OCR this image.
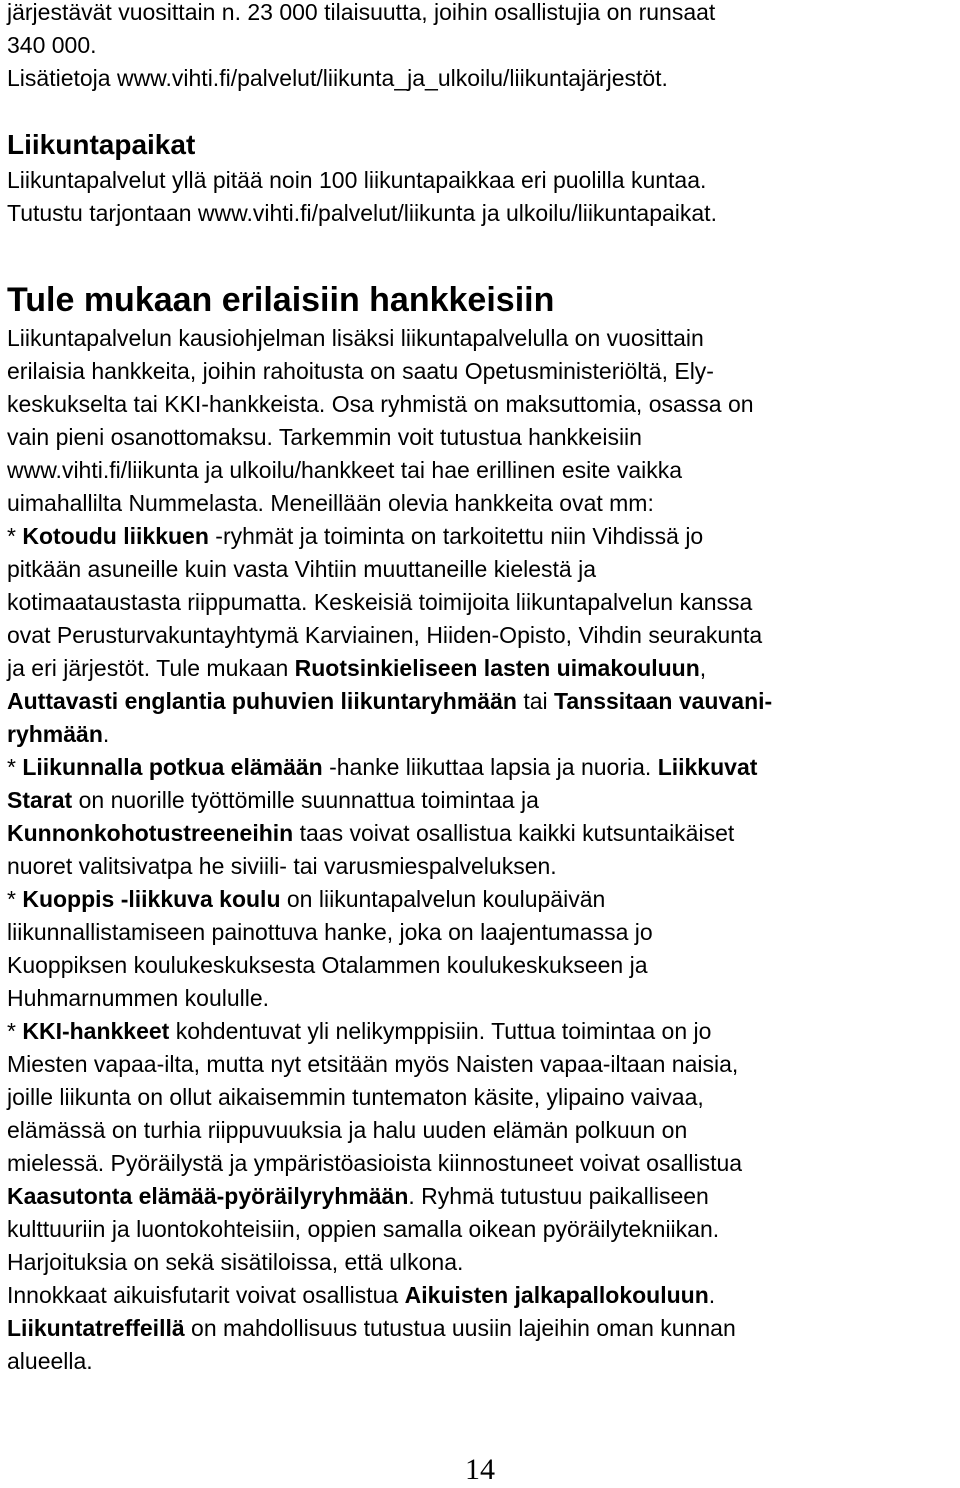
järjestävät vuosittain n. 23 000 tilaisuutta, joihin osallistujia on runsaat
340 000.
Lisätietoja www.vihti.fi/palvelut/liikunta_ja_ulkoilu/liikuntajärjestöt.
Liikuntapaikat
Liikuntapalvelut yllä pitää noin 100 liikuntapaikkaa eri puolilla kuntaa.
Tutustu tarjontaan www.vihti.fi/palvelut/liikunta ja ulkoilu/liikuntapaikat.
Tule mukaan erilaisiin hankkeisiin
Liikuntapalvelun kausiohjelman lisäksi liikuntapalvelulla on vuosittain
erilaisia hankkeita, joihin rahoitusta on saatu Opetusministeriöltä, Ely-
keskukselta tai KKI-hankkeista. Osa ryhmistä on maksuttomia, osassa on
vain pieni osanottomaksu. Tarkemmin voit tutustua hankkeisiin
www.vihti.fi/liikunta ja ulkoilu/hankkeet tai hae erillinen esite vaikka
uimahallilta Nummelasta. Meneillään olevia hankkeita ovat mm:
* Kotoudu liikkuen -ryhmät ja toiminta on tarkoitettu niin Vihdissä jo
pitkään asuneille kuin vasta Vihtiin muuttaneille kielestä ja
kotimaataustasta riippumatta. Keskeisiä toimijoita liikuntapalvelun kanssa
ovat Perusturvakuntayhtymä Karviainen, Hiiden-Opisto, Vihdin seurakunta
ja eri järjestöt. Tule mukaan Ruotsinkieliseen lasten uimakouluun,
Auttavasti englantia puhuvien liikuntaryhmään tai Tanssitaan vauvani-
ryhmään.
* Liikunnalla potkua elämään -hanke liikuttaa lapsia ja nuoria. Liikkuvat
Starat on nuorille työttömille suunnattua toimintaa ja
Kunnonkohotustreeneihin taas voivat osallistua kaikki kutsuntaikäiset
nuoret valitsivatpa he siviili- tai varusmiespalveluksen.
* Kuoppis -liikkuva koulu on liikuntapalvelun koulupäivän
liikunnallistamiseen painottuva hanke, joka on laajentumassa jo
Kuoppiksen koulukeskuksesta Otalammen koulukeskukseen ja
Huhmarnummen koululle.
* KKI-hankkeet kohdentuvat yli nelikymppisiin. Tuttua toimintaa on jo
Miesten vapaa-ilta, mutta nyt etsitään myös Naisten vapaa-iltaan naisia,
joille liikunta on ollut aikaisemmin tuntematon käsite, ylipaino vaivaa,
elämässä on turhia riippuvuuksia ja halu uuden elämän polkuun on
mielessä. Pyöräilystä ja ympäristöasioista kiinnostuneet voivat osallistua
Kaasutonta elämää-pyöräilyryhmään. Ryhmä tutustuu paikalliseen
kulttuuriin ja luontokohteisiin, oppien samalla oikean pyöräilytekniikan.
Harjoituksia on sekä sisätiloissa, että ulkona.
Innokkaat aikuisfutarit voivat osallistua Aikuisten jalkapallokouluun.
Liikuntatreffeillä on mahdollisuus tutustua uusiin lajeihin oman kunnan
alueella.
14
